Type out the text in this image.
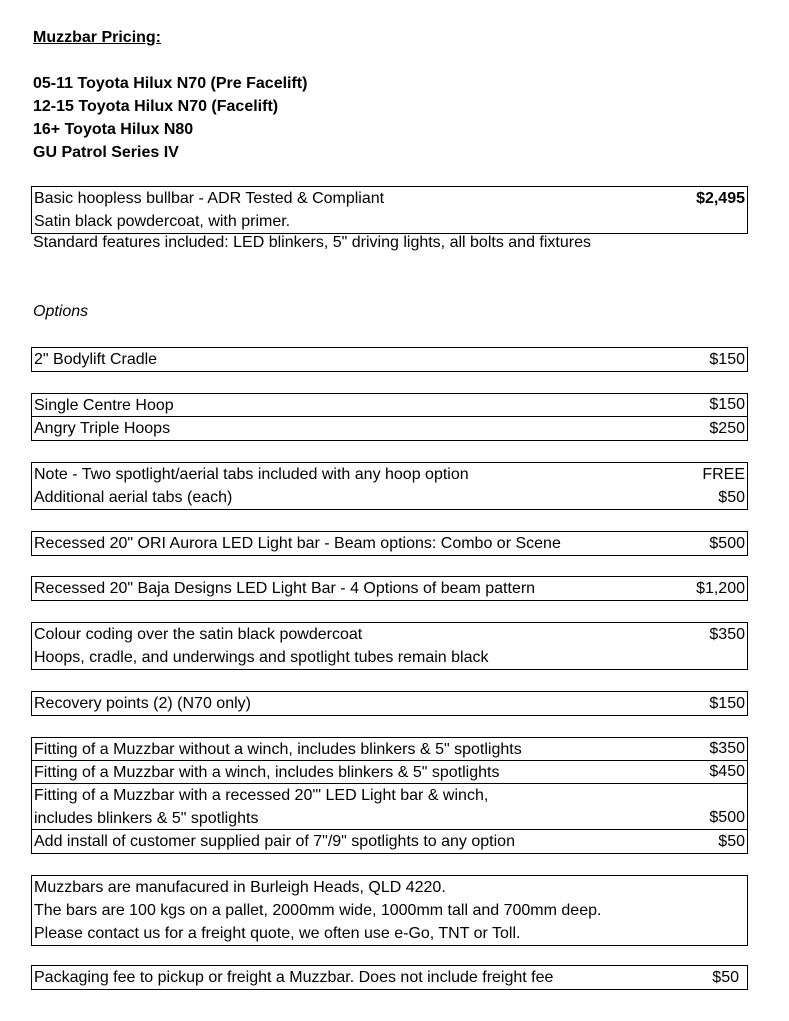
Muzzbar Pricing:
05-11 Toyota Hilux N70 (Pre Facelift)
12-15 Toyota Hilux N70 (Facelift)
16+ Toyota Hilux N80
GU Patrol Series IV
Basic hoopless bullbar - ADR Tested & Compliant	$2,495
Satin black powdercoat, with primer.
Standard features included: LED blinkers, 5" driving lights, all bolts and fixtures
Options
2" Bodylift Cradle	$150
Single Centre Hoop	$150
Angry Triple Hoops	$250
Note - Two spotlight/aerial tabs included with any hoop option	FREE
Additional aerial tabs (each)	$50
Recessed 20" ORI Aurora LED Light bar - Beam options: Combo or Scene	$500
Recessed 20" Baja Designs LED Light Bar - 4 Options of beam pattern	$1,200
Colour coding over the satin black powdercoat	$350
Hoops, cradle, and underwings and spotlight tubes remain black
Recovery points (2) (N70 only)	$150
Fitting of a Muzzbar without a winch, includes blinkers & 5" spotlights	$350
Fitting of a Muzzbar with a winch, includes blinkers & 5" spotlights	$450
Fitting of a Muzzbar with a recessed 20'" LED Light bar & winch,
includes blinkers & 5" spotlights	$500
Add install of customer supplied pair of 7"/9" spotlights to any option	$50
Muzzbars are manufacured in Burleigh Heads, QLD 4220.
The bars are 100 kgs on a pallet, 2000mm wide, 1000mm tall and 700mm deep.
Please contact us for a freight quote, we often use e-Go, TNT or Toll.
Packaging fee to pickup or freight a Muzzbar. Does not include freight fee	$50
